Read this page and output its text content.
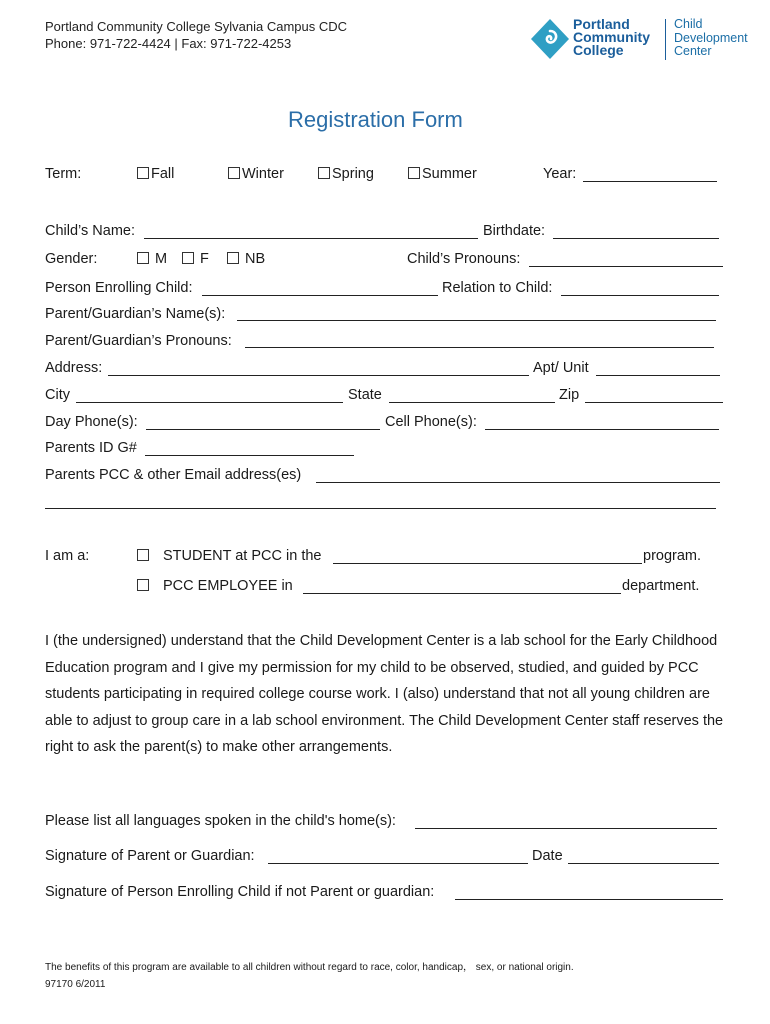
Portland Community College Sylvania Campus CDC
Phone: 971-722-4424 | Fax: 971-722-4253
Portland
Community
College
Child
Development
Center
Registration Form
Term:	Fall	Winter	Spring	Summer	Year:
Child’s Name:	Birthdate:
Gender:	M	F	NB	Child’s Pronouns:
Person Enrolling Child:	Relation to Child:
Parent/Guardian’s Name(s):
Parent/Guardian’s Pronouns:
Address:	Apt/ Unit
City	State	Zip
Day Phone(s):	Cell Phone(s):
Parents ID G#
Parents PCC & other Email address(es)
I am a:	STUDENT at PCC in the	program.
PCC EMPLOYEE in	department.
I (the undersigned) understand that the Child Development Center is a lab school for the Early Childhood Education program and I give my permission for my child to be observed, studied, and guided by PCC students participating in required college course work. I (also) understand that not all young children are able to adjust to group care in a lab school environment. The Child Development Center staff reserves the right to ask the parent(s) to make other arrangements.
Please list all languages spoken in the child's home(s):
Signature of Parent or Guardian:	Date
Signature of Person Enrolling Child if not Parent or guardian:
The benefits of this program are available to all children without regard to race, color, handicap， sex, or national origin.
97170 6/2011
